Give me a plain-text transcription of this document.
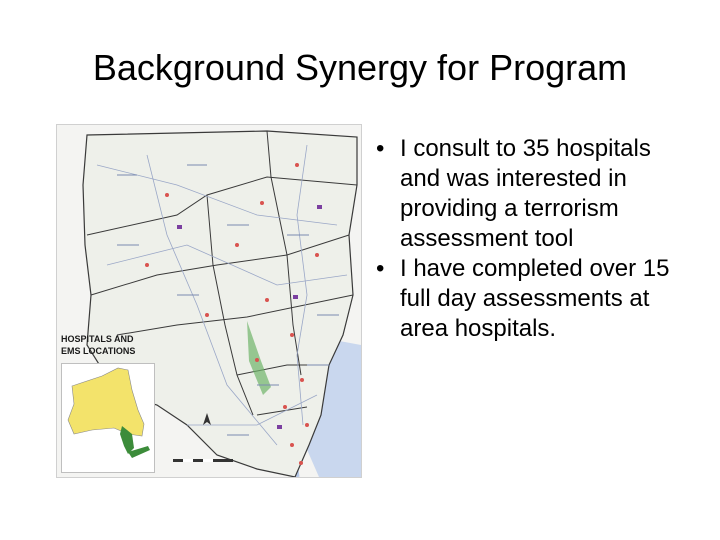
Background Synergy for Program
HOSPITALS AND
EMS LOCATIONS
• I consult to 35 hospitals and was interested in providing a terrorism assessment tool
• I have completed over 15 full day assessments at area hospitals.
